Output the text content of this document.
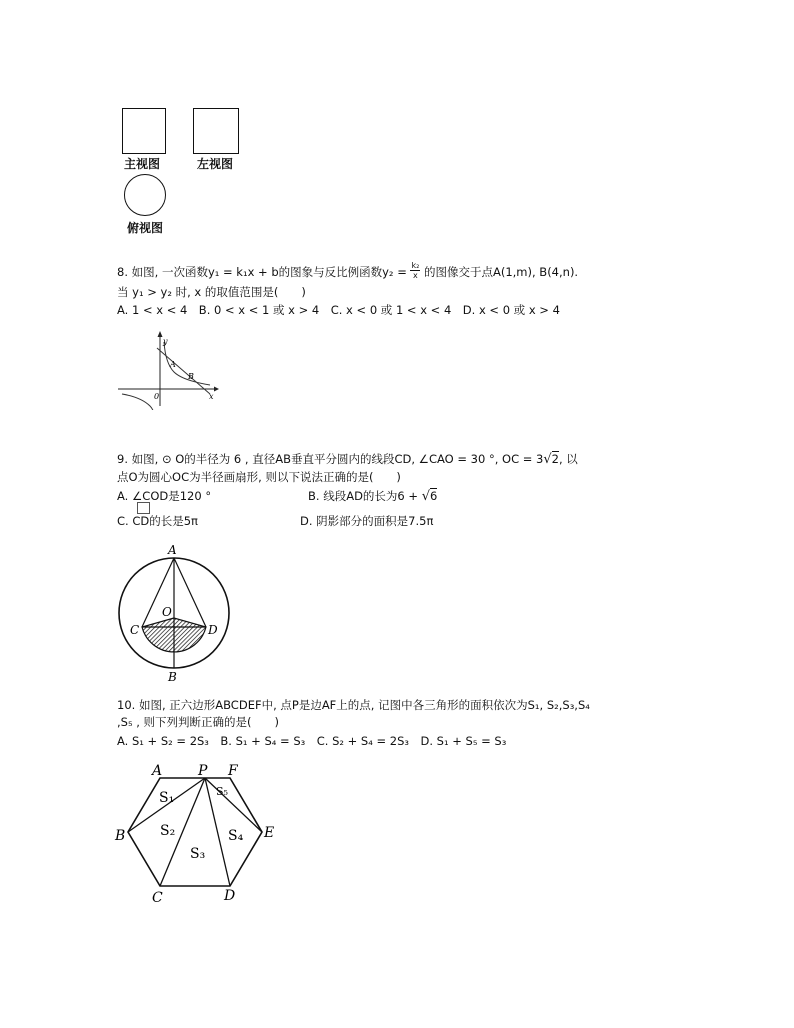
主视图	左视图
俯视图
8. 如图, 一次函数y₁ = k₁x + b的图象与反比例函数$y_2 = \frac{\text{k₂}}{x}$ 的图像交于点A(1,m), B(4,n).
当 y₁ > y₂ 时, x 的取值范围是(　　)
A. 1 < x < 4　B. 0 < x < 1 或 x > 4　C. x < 0 或 1 < x < 4　D. x < 0 或 x > 4
y
A
B
0	x
9. 如图, ⊙ O的半径为 6 , 直径AB垂直平分圆内的线段CD, ∠CAO = 30 °, OC = 3√2, 以
点O为圆心OC为半径画扇形, 则以下说法正确的是(　　)
A. ∠COD是120 °	B. 线段AD的长为6 + √6
C. CD的长是5π	D. 阴影部分的面积是7.5π
A
O
C	D
B
10. 如图, 正六边形ABCDEF中, 点P是边AF上的点, 记图中各三角形的面积依次为S₁, S₂,S₃,S₄
,S₅ , 则下列判断正确的是(　　)
A. S₁ + S₂ = 2S₃　B. S₁ + S₄ = S₃　C. S₂ + S₄ = 2S₃　D. S₁ + S₅ = S₃
A	P F
B	E
C	D
S₁
S₂
S₃
S₄
S₅
